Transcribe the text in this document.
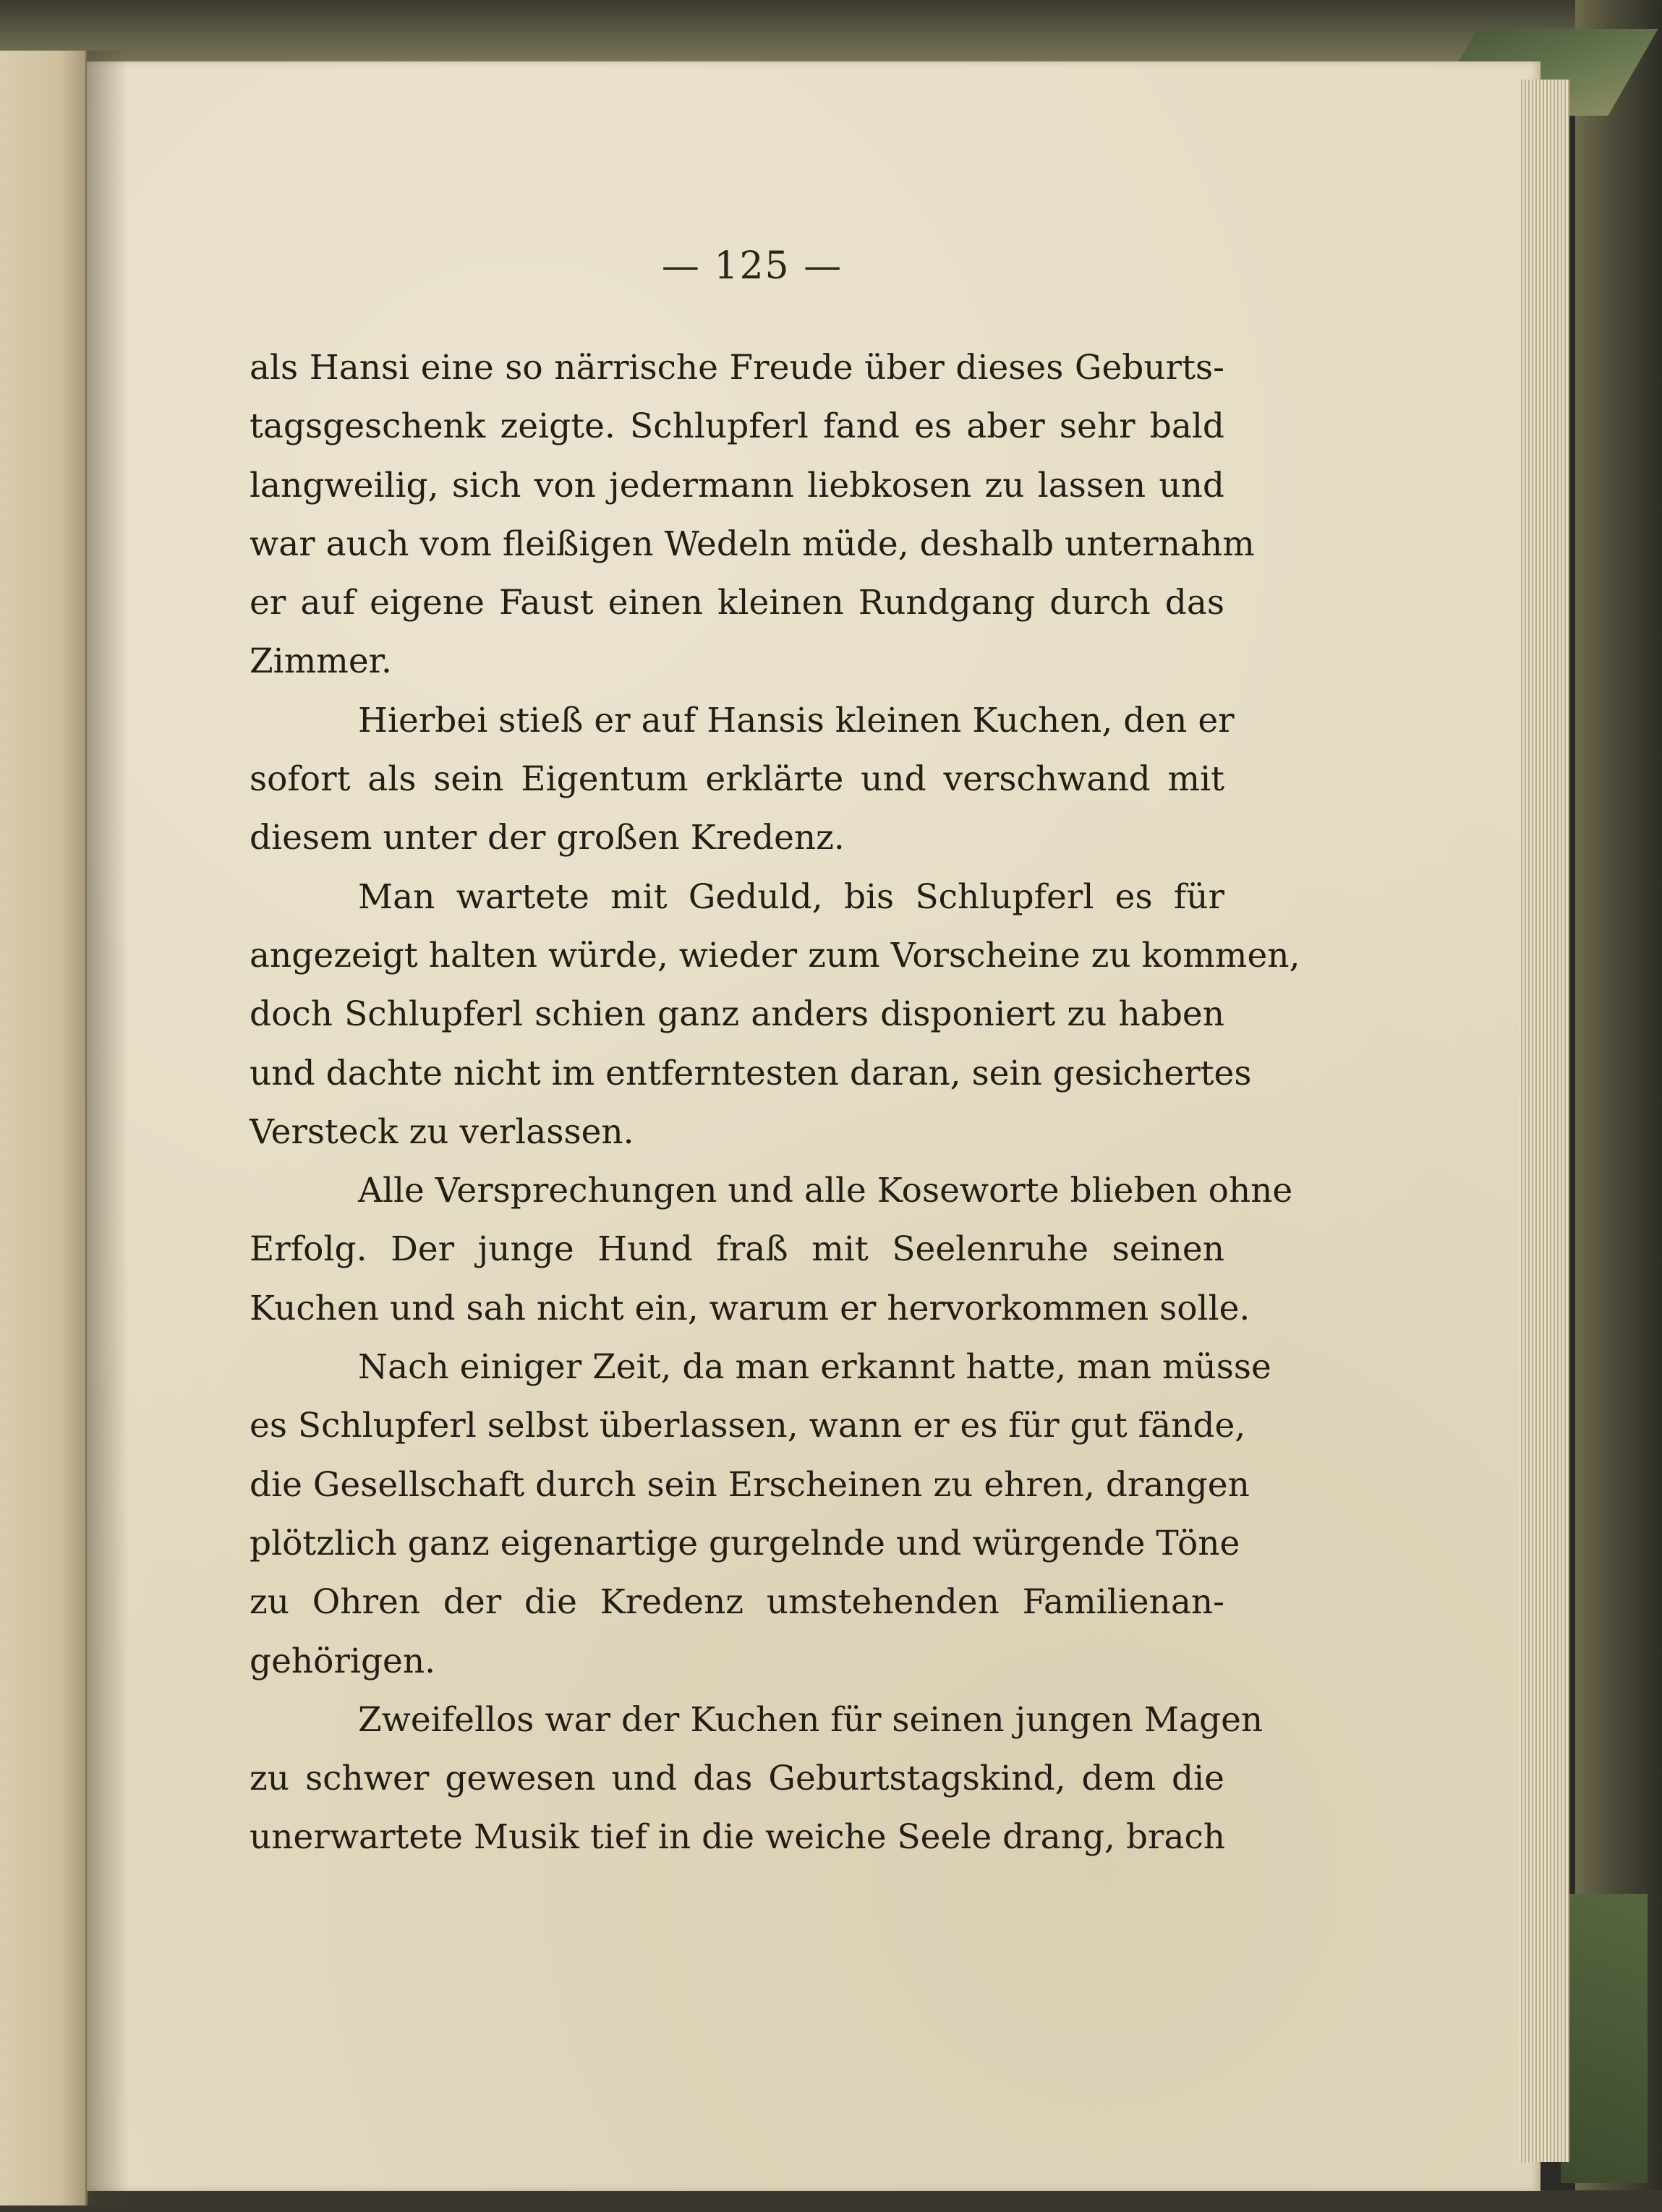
— 125 —
als Hansi eine so närrische Freude über dieses Geburts-
tagsgeschenk zeigte. Schlupferl fand es aber sehr bald
langweilig, sich von jedermann liebkosen zu lassen und
war auch vom fleißigen Wedeln müde, deshalb unternahm
er auf eigene Faust einen kleinen Rundgang durch das
Zimmer.
Hierbei stieß er auf Hansis kleinen Kuchen, den er
sofort als sein Eigentum erklärte und verschwand mit
diesem unter der großen Kredenz.
Man wartete mit Geduld, bis Schlupferl es für
angezeigt halten würde, wieder zum Vorscheine zu kommen,
doch Schlupferl schien ganz anders disponiert zu haben
und dachte nicht im entferntesten daran, sein gesichertes
Versteck zu verlassen.
Alle Versprechungen und alle Koseworte blieben ohne
Erfolg. Der junge Hund fraß mit Seelenruhe seinen
Kuchen und sah nicht ein, warum er hervorkommen solle.
Nach einiger Zeit, da man erkannt hatte, man müsse
es Schlupferl selbst überlassen, wann er es für gut fände,
die Gesellschaft durch sein Erscheinen zu ehren, drangen
plötzlich ganz eigenartige gurgelnde und würgende Töne
zu Ohren der die Kredenz umstehenden Familienan-
gehörigen.
Zweifellos war der Kuchen für seinen jungen Magen
zu schwer gewesen und das Geburtstagskind, dem die
unerwartete Musik tief in die weiche Seele drang, brach
